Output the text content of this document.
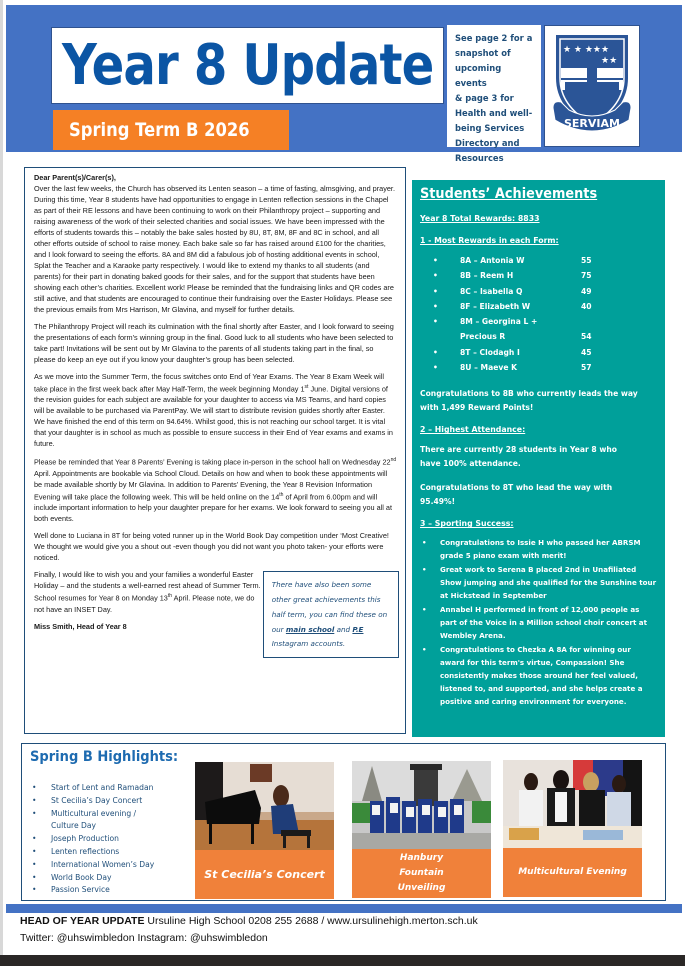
Year 8 Update
Spring Term B 2026
See page 2 for a
snapshot of
upcoming events
& page 3 for
Health and well-
being Services
Directory and
Resources
★ ★ ★★★
★★
SERVIAM

Dear Parent(s)/Carer(s),

Over the last few weeks, the Church has observed its Lenten season – a time of fasting, almsgiving, and prayer. During this time, Year 8 students have had opportunities to engage in Lenten reflection sessions in the Chapel as part of their RE lessons and have been continuing to work on their Philanthropy project – supporting and raising awareness of the work of their selected charities and social issues. We have been impressed with the efforts of students towards this – notably the bake sales hosted by 8U, 8T, 8M, 8F and 8C in school, and all other efforts outside of school to raise money. Each bake sale so far has raised around £100 for the charities, and I look forward to seeing the efforts. 8A and 8M did a fabulous job of hosting additional events in school, Splat the Teacher and a Karaoke party respectively. I would like to extend my thanks to all students (and parents) for their part in donating baked goods for their sales, and for the support that students have been showing each other’s charities. Excellent work! Please be reminded that the fundraising links and QR codes are still active, and that students are encouraged to continue their fundraising over the Easter Holidays. Please see the previous emails from Mrs Harrison, Mr Glavina, and myself for further details.

The Philanthropy Project will reach its culmination with the final shortly after Easter, and I look forward to seeing the presentations of each form’s winning group in the final. Good luck to all students who have been selected to take part! Invitations will be sent out by Mr Glavina to the parents of all students taking part in the final, so please do keep an eye out if you know your daughter’s group has been selected.

As we move into the Summer Term, the focus switches onto End of Year Exams. The Year 8 Exam Week will take place in the first week back after May Half-Term, the week beginning Monday 1st June. Digital versions of the revision guides for each subject are available for your daughter to access via MS Teams, and hard copies will be available to be purchased via ParentPay. We will start to distribute revision guides shortly after Easter. We have finished the end of this term on 94.64%. Whilst good, this is not reaching our school target. It is vital that your daughter is in school as much as possible to ensure success in their End of Year exams and exams in future.

Please be reminded that Year 8 Parents’ Evening is taking place in-person in the school hall on Wednesday 22nd April. Appointments are bookable via School Cloud. Details on how and when to book these appointments will be made available shortly by Mr Glavina. In addition to Parents’ Evening, the Year 8 Revision Information Evening will take place the following week. This will be held online on the 14th of April from 6.00pm and will include important information to help your daughter prepare for her exams. We look forward to seeing you all at both events.

Well done to Luciana in 8T for being voted runner up in the World Book Day competition under ‘Most Creative! We thought we would give you a shout out -even though you did not want you photo taken- your efforts were noticed.

Finally, I would like to wish you and your families a wonderful Easter Holiday – and the students a well-earned rest ahead of Summer Term. School resumes for Year 8 on Monday 13th April. Please note, we do not have an INSET Day.

Miss Smith, Head of Year 8

There have also been some other great achievements this half term, you can find these on our main school and P.E Instagram accounts.

Students’ Achievements
Year 8 Total Rewards: 8833
1 - Most Rewards in each Form:
•	8A – Antonia W	55
•	8B – Reem H	75
•	8C – Isabella Q	49
•	8F – Elizabeth W	40
•	8M – Georgina L +
Precious R	54
•	8T – Clodagh I	45
•	8U – Maeve K	57

Congratulations to 8B who currently leads the way with 1,499 Reward Points!

2 – Highest Attendance:

There are currently 28 students in Year 8 who have 100% attendance.

Congratulations to 8T who lead the way with 95.49%!

3 – Sporting Success:
•	Congratulations to Issie H who passed her ABRSM grade 5 piano exam with merit!
•	Great work to Serena B placed 2nd in Unafiliated Show jumping and she qualified for the Sunshine tour at Hickstead in September
•	Annabel H performed in front of 12,000 people as part of the Voice in a Million school choir concert at Wembley Arena.
•	Congratulations to Chezka A 8A for winning our award for this term's virtue, Compassion! She consistently makes those around her feel valued, listened to, and supported, and she helps create a positive and caring environment for everyone.
Spring B Highlights:
•	Start of Lent and Ramadan
•	St Cecilia’s Day Concert
•	Multicultural evening /
Culture Day
•	Joseph Production
•	Lenten reflections
•	International Women’s Day
•	World Book Day
•	Passion Service
St Cecilia’s Concert
Hanbury Fountain Unveiling
Multicultural Evening
HEAD OF YEAR UPDATE Ursuline High School 0208 255 2688 / www.ursulinehigh.merton.sch.uk
Twitter: @uhswimbledon Instagram: @uhswimbledon
